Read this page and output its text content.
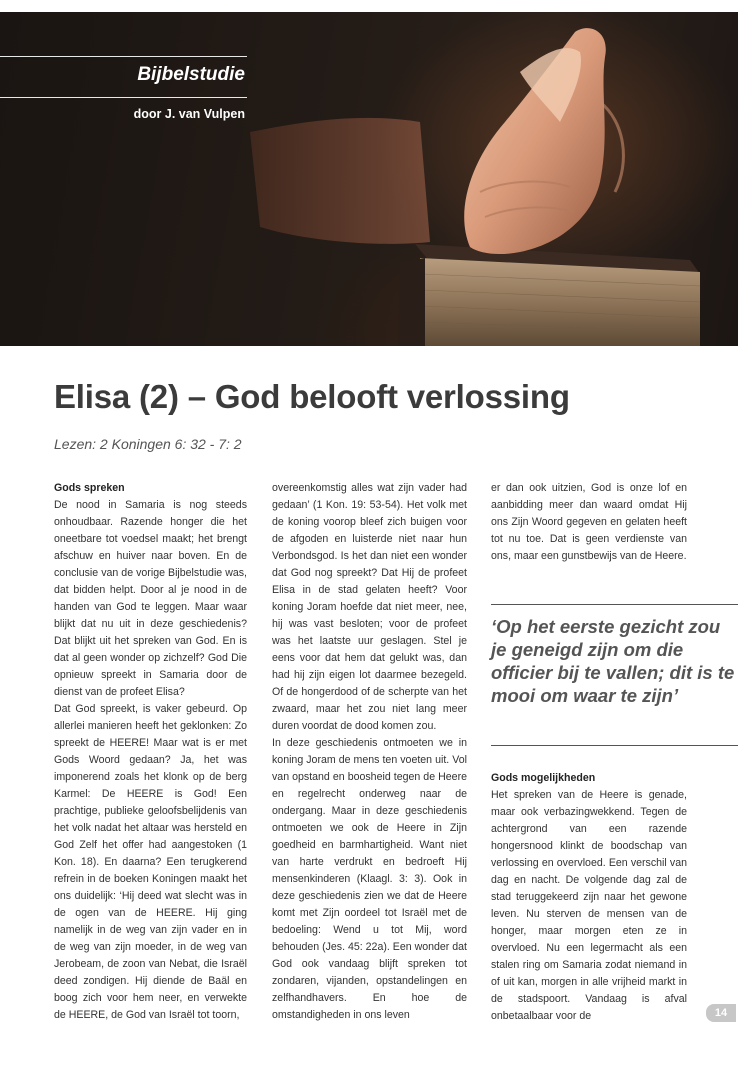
Bijbelstudie
door J. van Vulpen
Elisa (2) – God belooft verlossing
Lezen: 2 Koningen 6: 32 - 7: 2

Gods spreken

De nood in Samaria is nog steeds onhoudbaar. Razende honger die het oneetbare tot voedsel maakt; het brengt afschuw en huiver naar boven. En de conclusie van de vorige Bijbelstudie was, dat bidden helpt. Door al je nood in de handen van God te leggen. Maar waar blijkt dat nu uit in deze geschiedenis? Dat blijkt uit het spreken van God. En is dat al geen wonder op zichzelf? God Die opnieuw spreekt in Samaria door de dienst van de profeet Elisa?

Dat God spreekt, is vaker gebeurd. Op allerlei manieren heeft het geklonken: Zo spreekt de HEERE! Maar wat is er met Gods Woord gedaan? Ja, het was imponerend zoals het klonk op de berg Karmel: De HEERE is God! Een prachtige, publieke geloofsbelijdenis van het volk nadat het altaar was hersteld en God Zelf het offer had aangestoken (1 Kon. 18). En daarna? Een terugkerend refrein in de boeken Koningen maakt het ons duidelijk: ‘Hij deed wat slecht was in de ogen van de HEERE. Hij ging namelijk in de weg van zijn vader en in de weg van zijn moeder, in de weg van Jerobeam, de zoon van Nebat, die Israël deed zondigen. Hij diende de Baäl en boog zich voor hem neer, en verwekte de HEERE, de God van Israël tot toorn,

overeenkomstig alles wat zijn vader had gedaan’ (1 Kon. 19: 53-54). Het volk met de koning voorop bleef zich buigen voor de afgoden en luisterde niet naar hun Verbondsgod. Is het dan niet een wonder dat God nog spreekt? Dat Hij de profeet Elisa in de stad gelaten heeft? Voor koning Joram hoefde dat niet meer, nee, hij was vast besloten; voor de profeet was het laatste uur geslagen. Stel je eens voor dat hem dat gelukt was, dan had hij zijn eigen lot daarmee bezegeld. Of de hongerdood of de scherpte van het zwaard, maar het zou niet lang meer duren voordat de dood komen zou.

In deze geschiedenis ontmoeten we in koning Joram de mens ten voeten uit. Vol van opstand en boosheid tegen de Heere en regelrecht onderweg naar de ondergang. Maar in deze geschiedenis ontmoeten we ook de Heere in Zijn goedheid en barmhartigheid. Want niet van harte verdrukt en bedroeft Hij mensenkinderen (Klaagl. 3: 3). Ook in deze geschiedenis zien we dat de Heere komt met Zijn oordeel tot Israël met de bedoeling: Wend u tot Mij, word behouden (Jes. 45: 22a). Een wonder dat God ook vandaag blijft spreken tot zondaren, vijanden, opstandelingen en zelfhandhavers. En hoe de omstandigheden in ons leven

er dan ook uitzien, God is onze lof en aanbidding meer dan waard omdat Hij ons Zijn Woord gegeven en gelaten heeft tot nu toe. Dat is geen verdienste van ons, maar een gunstbewijs van de Heere.

‘Op het eerste gezicht zou je geneigd zijn om die officier bij te vallen; dit is te mooi om waar te zijn’

Gods mogelijkheden

Het spreken van de Heere is genade, maar ook verbazingwekkend. Tegen de achtergrond van een razende hongersnood klinkt de boodschap van verlossing en overvloed. Een verschil van dag en nacht. De volgende dag zal de stad teruggekeerd zijn naar het gewone leven. Nu sterven de mensen van de honger, maar morgen eten ze in overvloed. Nu een legermacht als een stalen ring om Samaria zodat niemand in of uit kan, morgen in alle vrijheid markt in de stadspoort. Vandaag is afval onbetaalbaar voor de	14
